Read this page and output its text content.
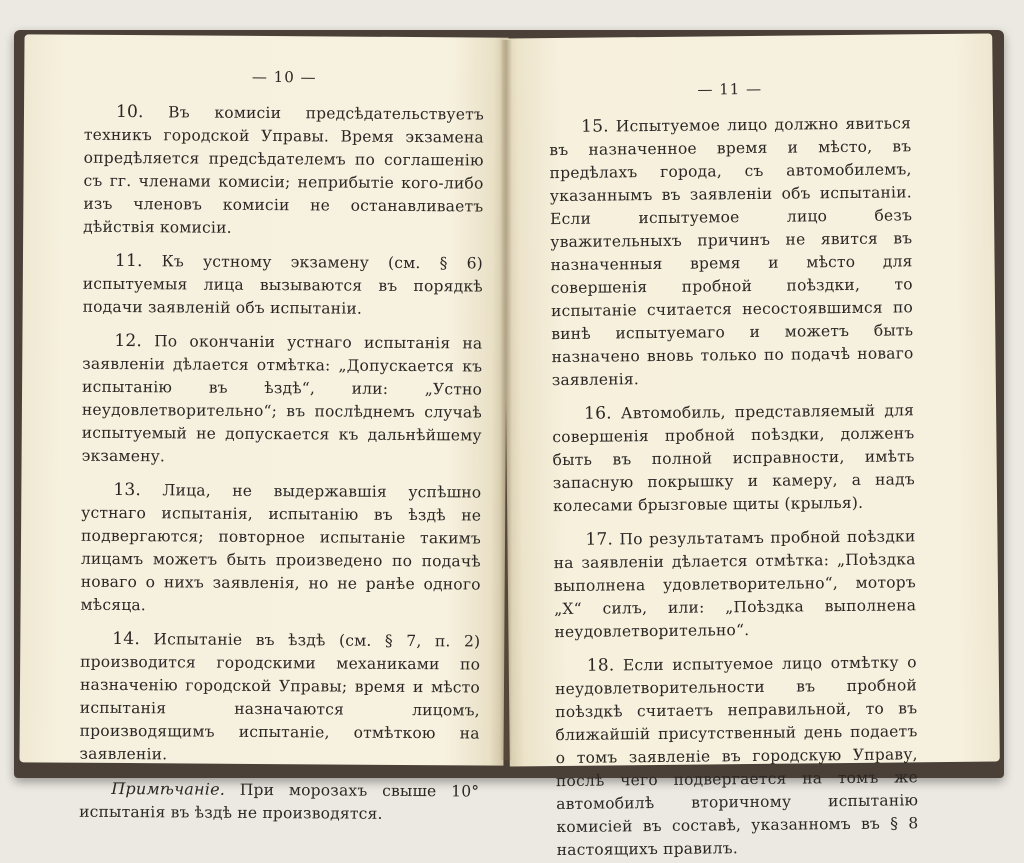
— 10 —

10. Въ комисіи предсѣдательствуетъ техникъ городской Управы. Время экзамена опредѣляется предсѣдателемъ по соглашенію съ гг. членами комисіи; неприбытіе кого-либо изъ членовъ комисіи не останавливаетъ дѣйствія комисіи.

11. Къ устному экзамену (см. § 6) испытуемыя лица вызываются въ порядкѣ подачи заявленій объ испытаніи.

12. По окончаніи устнаго испытанія на заявленіи дѣлается отмѣтка: „Допускается къ испытанію въ ѣздѣ“, или: „Устно неудовлетворительно“; въ послѣднемъ случаѣ испытуемый не допускается къ дальнѣйшему экзамену.

13. Лица, не выдержавшія успѣшно устнаго испытанія, испытанію въ ѣздѣ не подвергаются; повторное испытаніе такимъ лицамъ можетъ быть произведено по подачѣ новаго о нихъ заявленія, но не ранѣе одного мѣсяца.

14. Испытаніе въ ѣздѣ (см. § 7, п. 2) производится городскими механиками по назначенію городской Управы; время и мѣсто испытанія назначаются лицомъ, производящимъ испытаніе, отмѣткою на заявленіи.

Примѣчаніе. При морозахъ свыше 10° испытанія въ ѣздѣ не производятся.

— 11 —

15. Испытуемое лицо должно явиться въ назначенное время и мѣсто, въ предѣлахъ города, съ автомобилемъ, указаннымъ въ заявленіи объ испытаніи. Если испытуемое лицо безъ уважительныхъ причинъ не явится въ назначенныя время и мѣсто для совершенія пробной поѣздки, то испытаніе считается несостоявшимся по винѣ испытуемаго и можетъ быть назначено вновь только по подачѣ новаго заявленія.

16. Автомобиль, представляемый для совершенія пробной поѣздки, долженъ быть въ полной исправности, имѣть запасную покрышку и камеру, а надъ колесами брызговые щиты (крылья).

17. По результатамъ пробной поѣздки на заявленіи дѣлается отмѣтка: „Поѣздка выполнена удовлетворительно“, моторъ „X“ силъ, или: „Поѣздка выполнена неудовлетворительно“.

18. Если испытуемое лицо отмѣтку о неудовлетворительности въ пробной поѣздкѣ считаетъ неправильной, то въ ближайшій присутственный день подаетъ о томъ заявленіе въ городскую Управу, послѣ чего подвергается на томъ же автомобилѣ вторичному испытанію комисіей въ составѣ, указанномъ въ § 8 настоящихъ правилъ.
